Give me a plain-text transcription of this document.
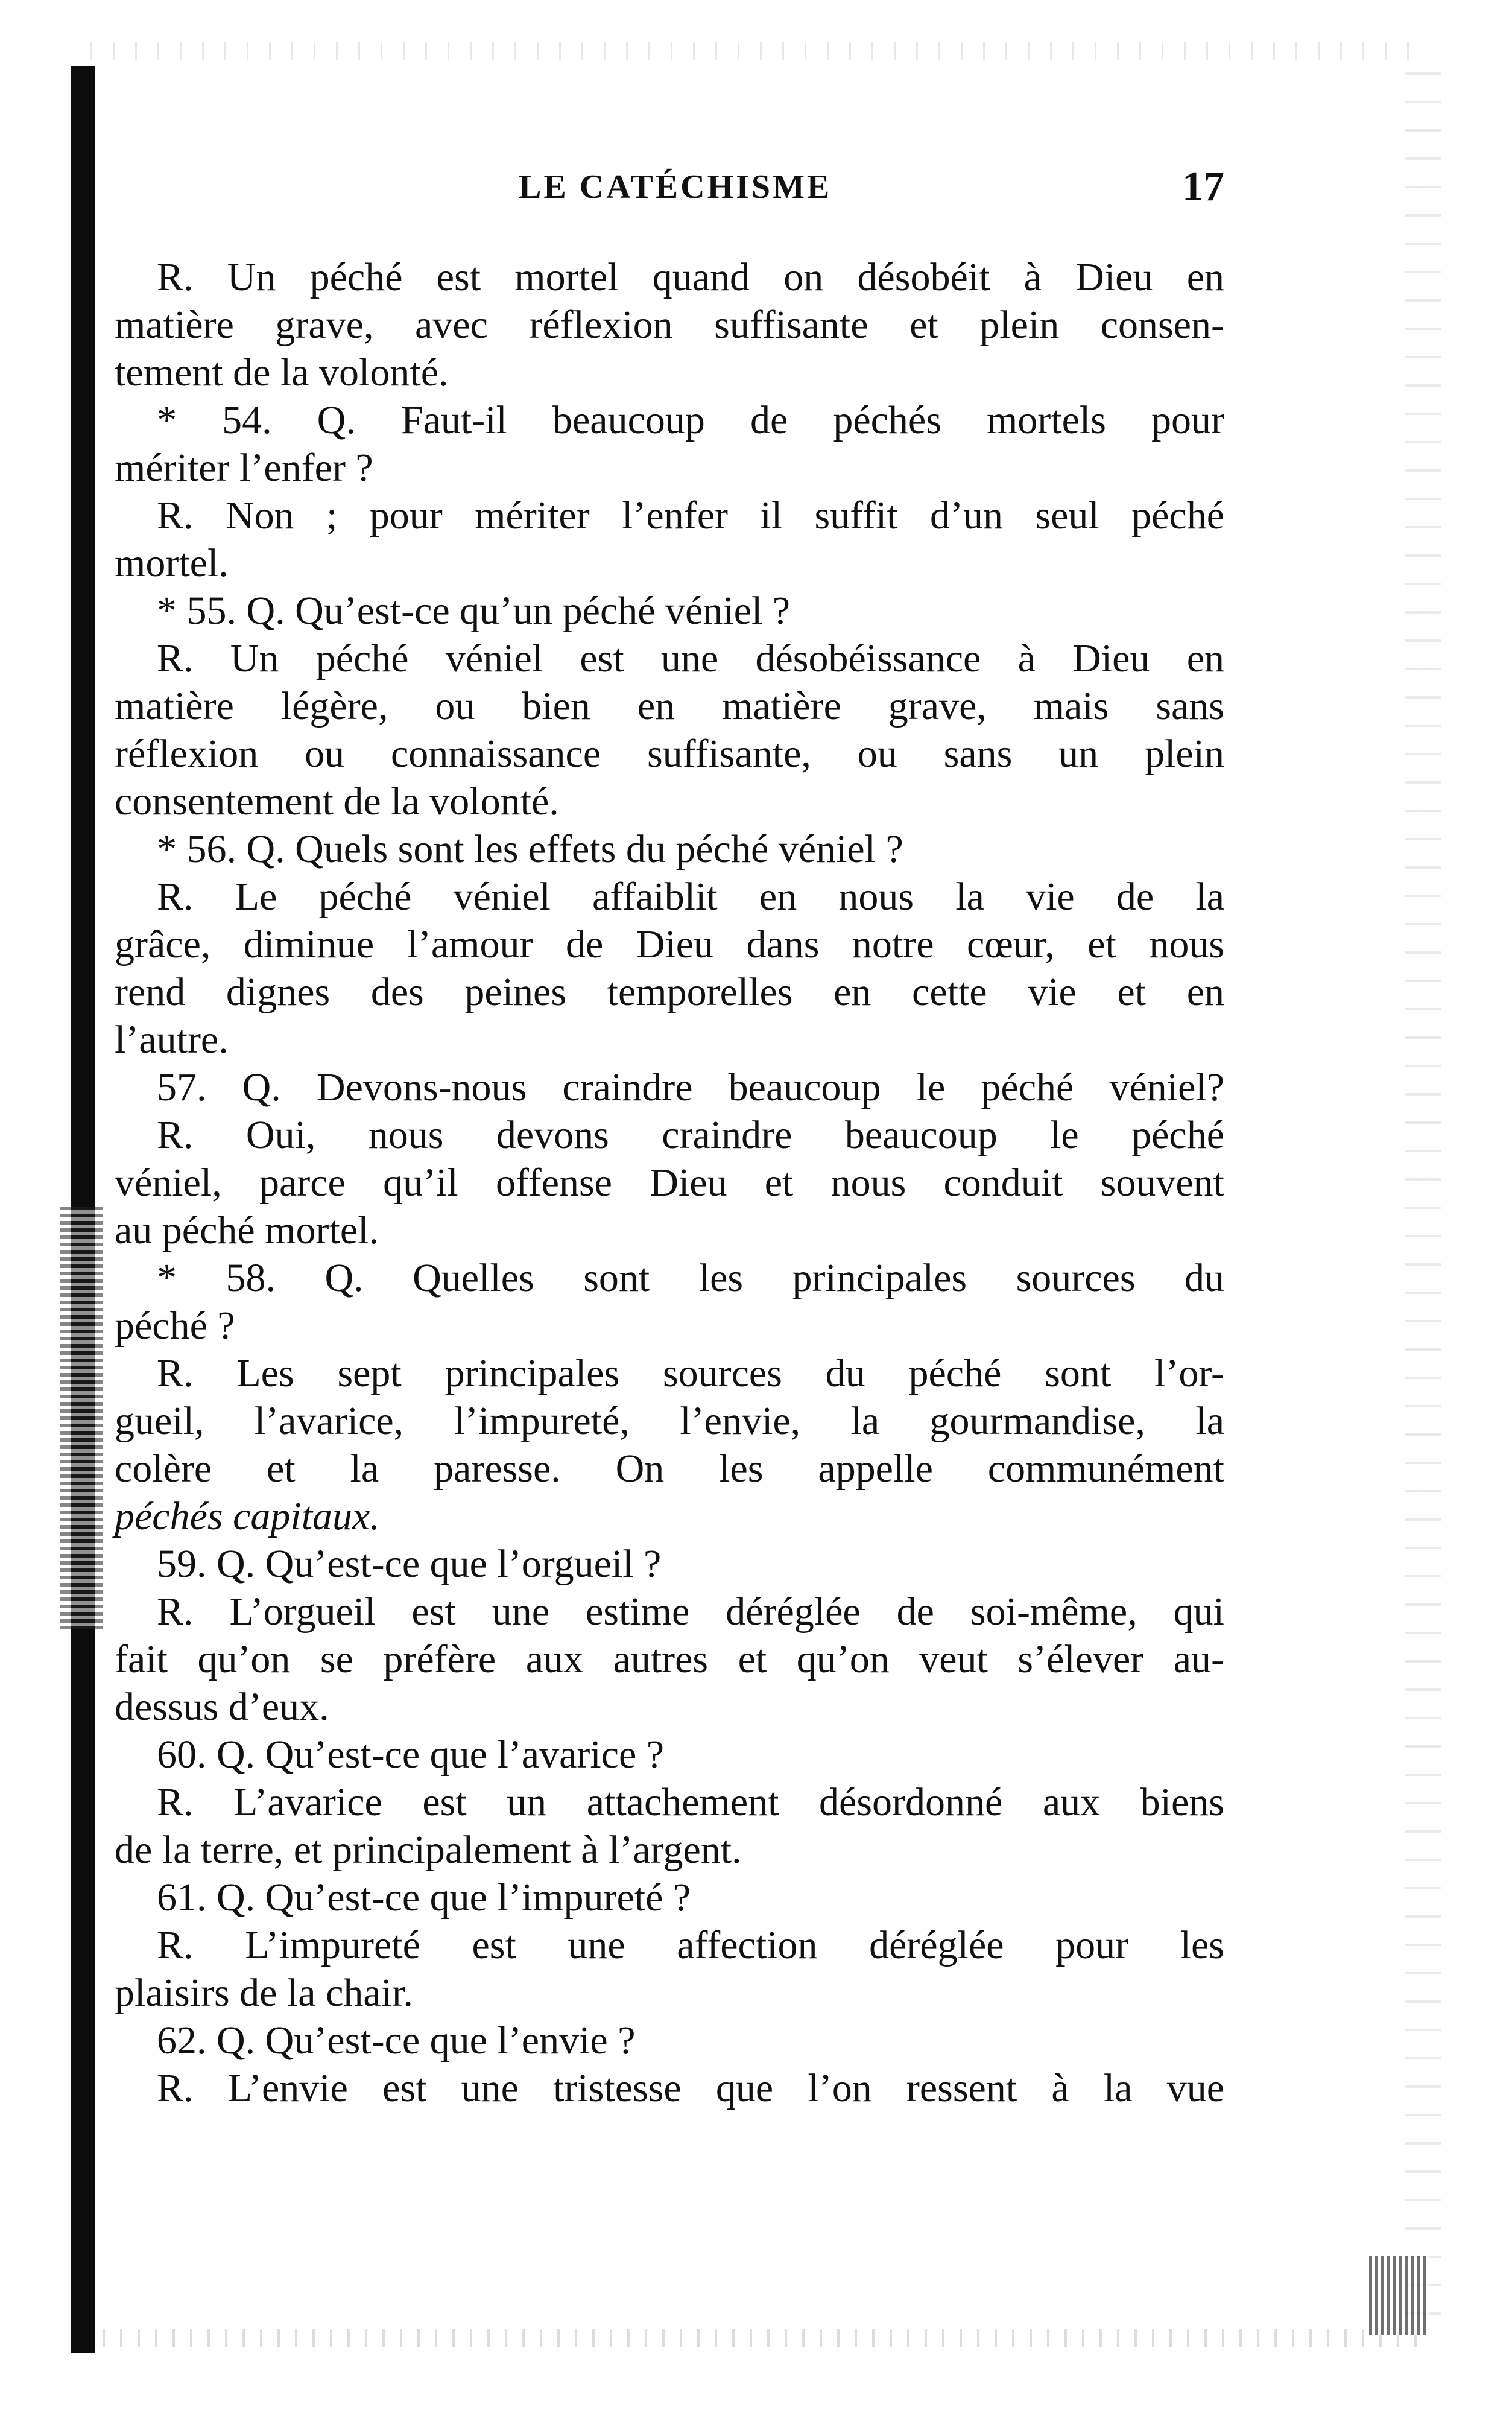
LE CATÉCHISME	17
R. Un péché est mortel quand on désobéit à Dieu en
matière grave, avec réflexion suffisante et plein consen-
tement de la volonté.
* 54. Q. Faut-il beaucoup de péchés mortels pour
mériter l’enfer ?
R. Non ; pour mériter l’enfer il suffit d’un seul péché
mortel.
* 55. Q. Qu’est-ce qu’un péché véniel ?
R. Un péché véniel est une désobéissance à Dieu en
matière légère, ou bien en matière grave, mais sans
réflexion ou connaissance suffisante, ou sans un plein
consentement de la volonté.
* 56. Q. Quels sont les effets du péché véniel ?
R. Le péché véniel affaiblit en nous la vie de la
grâce, diminue l’amour de Dieu dans notre cœur, et nous
rend dignes des peines temporelles en cette vie et en
l’autre.
57. Q. Devons-nous craindre beaucoup le péché véniel?
R. Oui, nous devons craindre beaucoup le péché
véniel, parce qu’il offense Dieu et nous conduit souvent
au péché mortel.
* 58. Q. Quelles sont les principales sources du
péché ?
R. Les sept principales sources du péché sont l’or-
gueil, l’avarice, l’impureté, l’envie, la gourmandise, la
colère et la paresse. On les appelle communément
péchés capitaux.
59. Q. Qu’est-ce que l’orgueil ?
R. L’orgueil est une estime déréglée de soi-même, qui
fait qu’on se préfère aux autres et qu’on veut s’élever au-
dessus d’eux.
60. Q. Qu’est-ce que l’avarice ?
R. L’avarice est un attachement désordonné aux biens
de la terre, et principalement à l’argent.
61. Q. Qu’est-ce que l’impureté ?
R. L’impureté est une affection déréglée pour les
plaisirs de la chair.
62. Q. Qu’est-ce que l’envie ?
R. L’envie est une tristesse que l’on ressent à la vue
